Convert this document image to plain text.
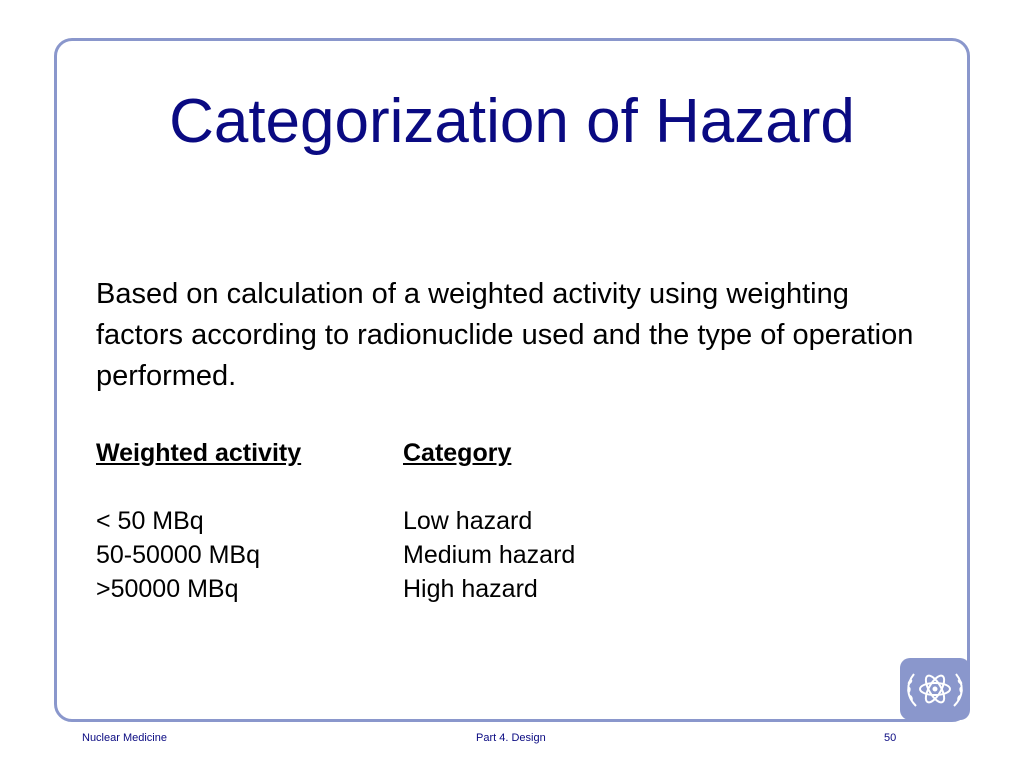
Categorization of Hazard

Based on calculation of a weighted activity using weighting factors according to radionuclide used and the type of operation performed.

Weighted activity
< 50 MBq
50-50000 MBq
>50000 MBq
Category
Low hazard
Medium hazard
High hazard
Nuclear Medicine	Part 4. Design	50
